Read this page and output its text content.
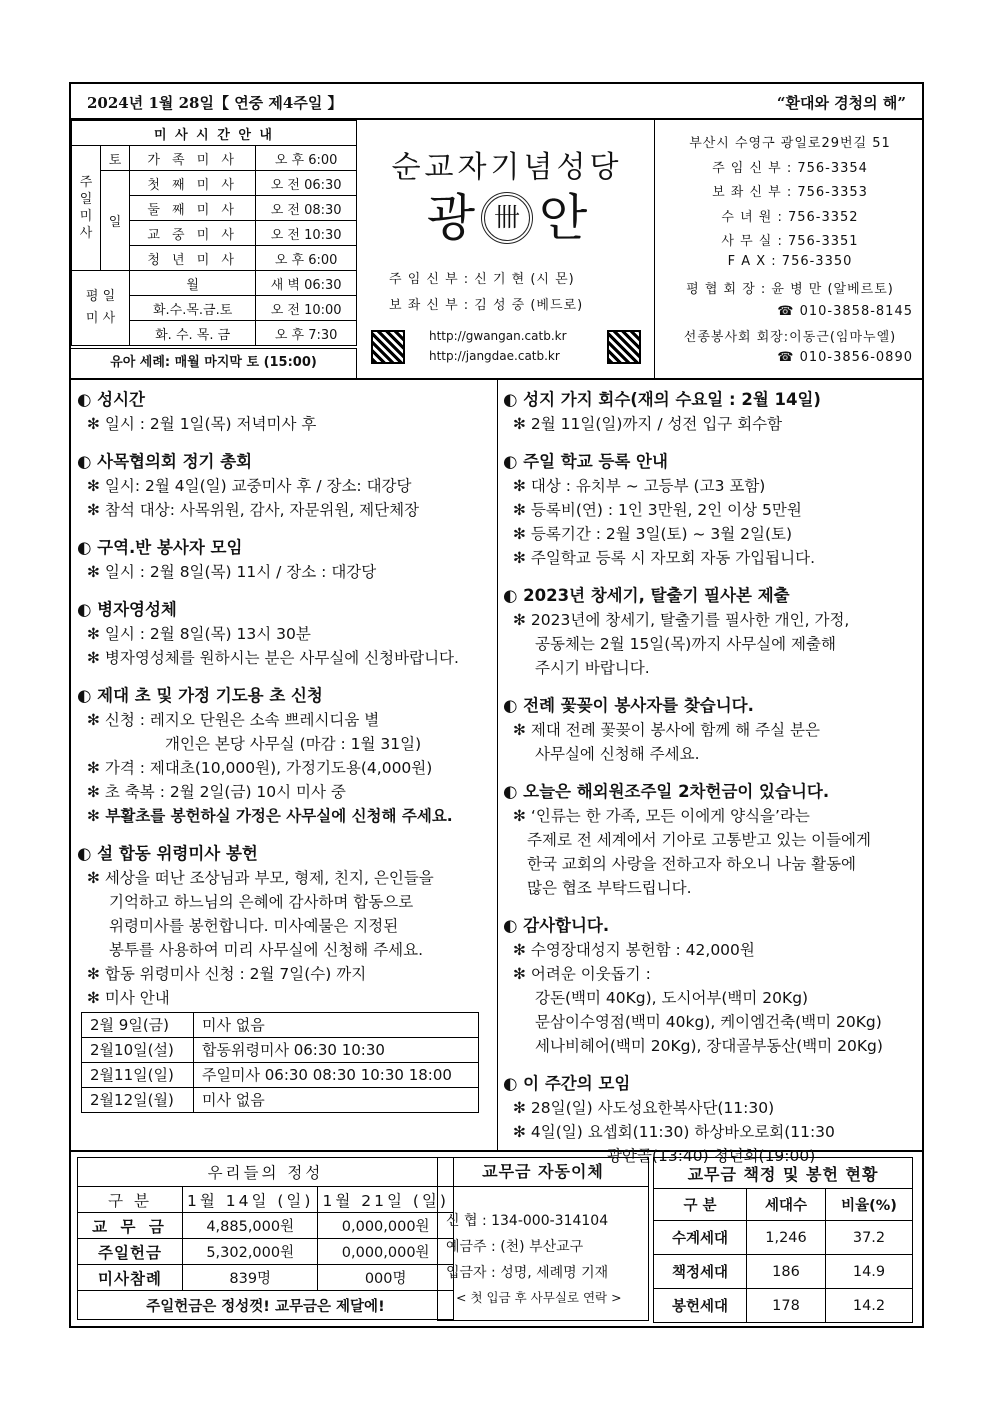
2024년 1월 28일【 연중 제4주일 】	“환대와 경청의 해”
미 사 시 간 안 내			
주
일
미
사	토	가 족 미 사	오 후 6:00
	일	첫 째 미 사	오 전 06:30
		둘 째 미 사	오 전 08:30
		교 중 미 사	오 전 10:30
		청 년 미 사	오 후 6:00
평 일
미 사		월	새 벽 06:30
		화.수.목.금.토	오 전 10:00
		화. 수. 목. 금	오 후 7:30
유아 세례: 매월 마지막 토 (15:00)
순교자기념성당
광 卌 안
주 임 신 부 : 신 기 현 (시 몬)
보 좌 신 부 : 김 성 중 (베드로)
http://gwangan.catb.kr
http://jangdae.catb.kr
부산시 수영구 광일로29번길 51
주 임 신 부 : 756-3354
보 좌 신 부 : 756-3353
수 녀 원 : 756-3352
사 무 실 : 756-3351
F A X : 756-3350
평 협 회 장 : 윤 병 만 (알베르토)
☎ 010-3858-8145
선종봉사회 회장:이동근(임마누엘)
☎ 010-3856-0890
◐ 성시간

✻ 일시 : 2월 1일(목) 저녁미사 후

◐ 사목협의회 정기 총회

✻ 일시: 2월 4일(일) 교중미사 후 / 장소: 대강당

✻ 참석 대상: 사목위원, 감사, 자문위원, 제단체장

◐ 구역.반 봉사자 모임

✻ 일시 : 2월 8일(목) 11시 / 장소 : 대강당

◐ 병자영성체

✻ 일시 : 2월 8일(목) 13시 30분

✻ 병자영성체를 원하시는 분은 사무실에 신청바랍니다.

◐ 제대 초 및 가정 기도용 초 신청

✻ 신청 : 레지오 단원은 소속 쁘레시디움 별

개인은 본당 사무실 (마감 : 1월 31일)

✻ 가격 : 제대초(10,000원), 가정기도용(4,000원)

✻ 초 축복 : 2월 2일(금) 10시 미사 중

✻ 부활초를 봉헌하실 가정은 사무실에 신청해 주세요.

◐ 설 합동 위령미사 봉헌

✻ 세상을 떠난 조상님과 부모, 형제, 친지, 은인들을

기억하고 하느님의 은혜에 감사하며 합동으로

위령미사를 봉헌합니다. 미사예물은 지정된

봉투를 사용하여 미리 사무실에 신청해 주세요.

✻ 합동 위령미사 신청 : 2월 7일(수) 까지

✻ 미사 안내

2월 9일(금)	미사 없음
2월10일(설)	합동위령미사 06:30 10:30
2월11일(일)	주일미사 06:30 08:30 10:30 18:00
2월12일(월)	미사 없음
◐ 성지 가지 회수(재의 수요일 : 2월 14일)

✻ 2월 11일(일)까지 / 성전 입구 회수함

◐ 주일 학교 등록 안내

✻ 대상 : 유치부 ~ 고등부 (고3 포함)

✻ 등록비(연) : 1인 3만원, 2인 이상 5만원

✻ 등록기간 : 2월 3일(토) ~ 3월 2일(토)

✻ 주일학교 등록 시 자모회 자동 가입됩니다.

◐ 2023년 창세기, 탈출기 필사본 제출

✻ 2023년에 창세기, 탈출기를 필사한 개인, 가정,

공동체는 2월 15일(목)까지 사무실에 제출해

주시기 바랍니다.

◐ 전례 꽃꽂이 봉사자를 찾습니다.

✻ 제대 전례 꽃꽂이 봉사에 함께 해 주실 분은

사무실에 신청해 주세요.

◐ 오늘은 해외원조주일 2차헌금이 있습니다.

✻ ‘인류는 한 가족, 모든 이에게 양식을’라는

주제로 전 세계에서 기아로 고통받고 있는 이들에게

한국 교회의 사랑을 전하고자 하오니 나눔 활동에

많은 협조 부탁드립니다.

◐ 감사합니다.

✻ 수영장대성지 봉헌함 : 42,000원

✻ 어려운 이웃돕기 :

강돈(백미 40Kg), 도시어부(백미 20Kg)

문삼이수영점(백미 40kg), 케이엠건축(백미 20Kg)

세나비헤어(백미 20Kg), 장대골부동산(백미 20Kg)

◐ 이 주간의 모임

✻ 28일(일) 사도성요한복사단(11:30)

✻ 4일(일) 요셉회(11:30) 하상바오로회(11:30

광안골(13:40) 청년회(19:00)

우리들의 정성		
구 분	1월 14일 (일)	1월 21일 (일)
교 무 금	4,885,000원	0,000,000원
주일헌금	5,302,000원	0,000,000원
미사참례	839명	000명
주일헌금은 정성껏! 교무금은 제달에!		
교무금 자동이체
신 협 : 134-000-314104
예금주 : (천) 부산교구
입금자 : 성명, 세례명 기재
< 첫 입금 후 사무실로 연락 >
교무금 책정 및 봉헌 현황		
구 분	세대수	비율(%)
수계세대	1,246	37.2
책정세대	186	14.9
봉헌세대	178	14.2
